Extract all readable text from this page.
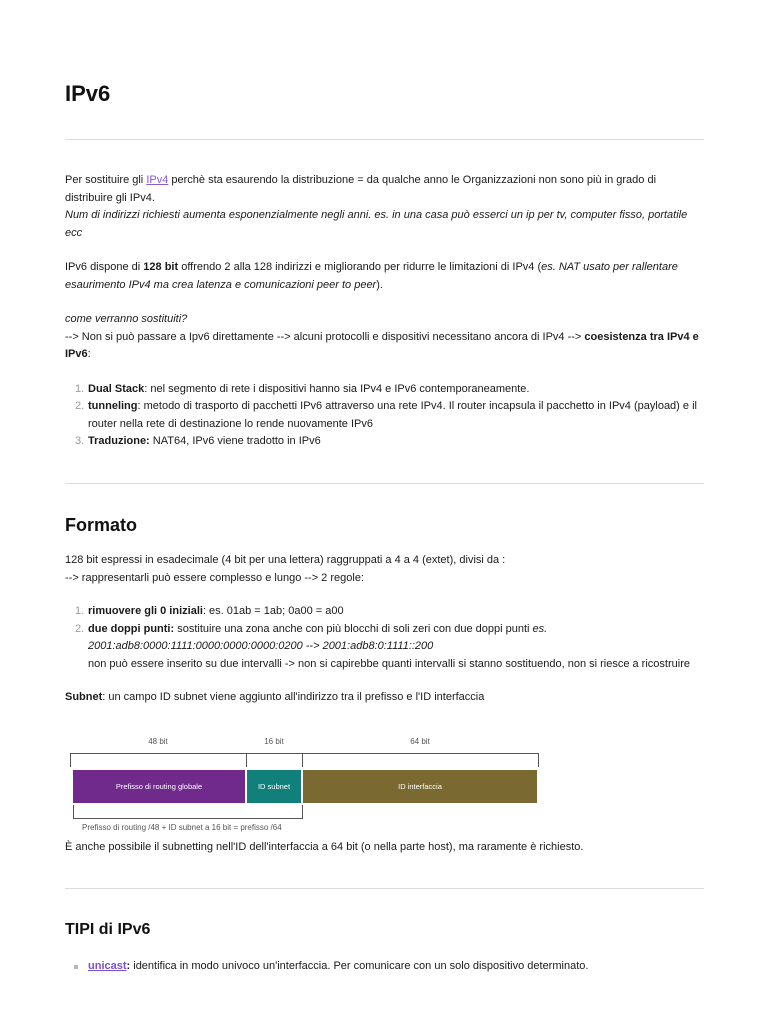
IPv6

Per sostituire gli IPv4 perchè sta esaurendo la distribuzione = da qualche anno le Organizzazioni non sono più in grado di distribuire gli IPv4.

Num di indirizzi richiesti aumenta esponenzialmente negli anni. es. in una casa può esserci un ip per tv, computer fisso, portatile ecc

IPv6 dispone di 128 bit offrendo 2 alla 128 indirizzi e migliorando per ridurre le limitazioni di IPv4 (es. NAT usato per rallentare esaurimento IPv4 ma crea latenza e comunicazioni peer to peer).

come verranno sostituiti?

--> Non si può passare a Ipv6 direttamente --> alcuni protocolli e dispositivi necessitano ancora di IPv4 --> coesistenza tra IPv4 e IPv6:

1. Dual Stack: nel segmento di rete i dispositivi hanno sia IPv4 e IPv6 contemporaneamente.
2. tunneling: metodo di trasporto di pacchetti IPv6 attraverso una rete IPv4. Il router incapsula il pacchetto in IPv4 (payload) e il router nella rete di destinazione lo rende nuovamente IPv6
3. Traduzione: NAT64, IPv6 viene tradotto in IPv6
Formato

128 bit espressi in esadecimale (4 bit per una lettera) raggruppati a 4 a 4 (extet), divisi da :

--> rappresentarli può essere complesso e lungo --> 2 regole:

1. rimuovere gli 0 iniziali: es. 01ab = 1ab; 0a00 = a00
2. due doppi punti: sostituire una zona anche con più blocchi di soli zeri con due doppi punti es.
2001:adb8:0000:1111:0000:0000:0000:0200 --> 2001:adb8:0:1111::200
non può essere inserito su due intervalli -> non si capirebbe quanti intervalli si stanno sostituendo, non si riesce a ricostruire

Subnet: un campo ID subnet viene aggiunto all'indirizzo tra il prefisso e l'ID interfaccia

48 bit	16 bit	64 bit
Prefisso di routing globale	ID subnet	ID interfaccia
Prefisso di routing /48 + ID subnet a 16 bit = prefisso /64

È anche possibile il subnetting nell'ID dell'interfaccia a 64 bit (o nella parte host), ma raramente è richiesto.

TIPI di IPv6
unicast: identifica in modo univoco un'interfaccia. Per comunicare con un solo dispositivo determinato.
